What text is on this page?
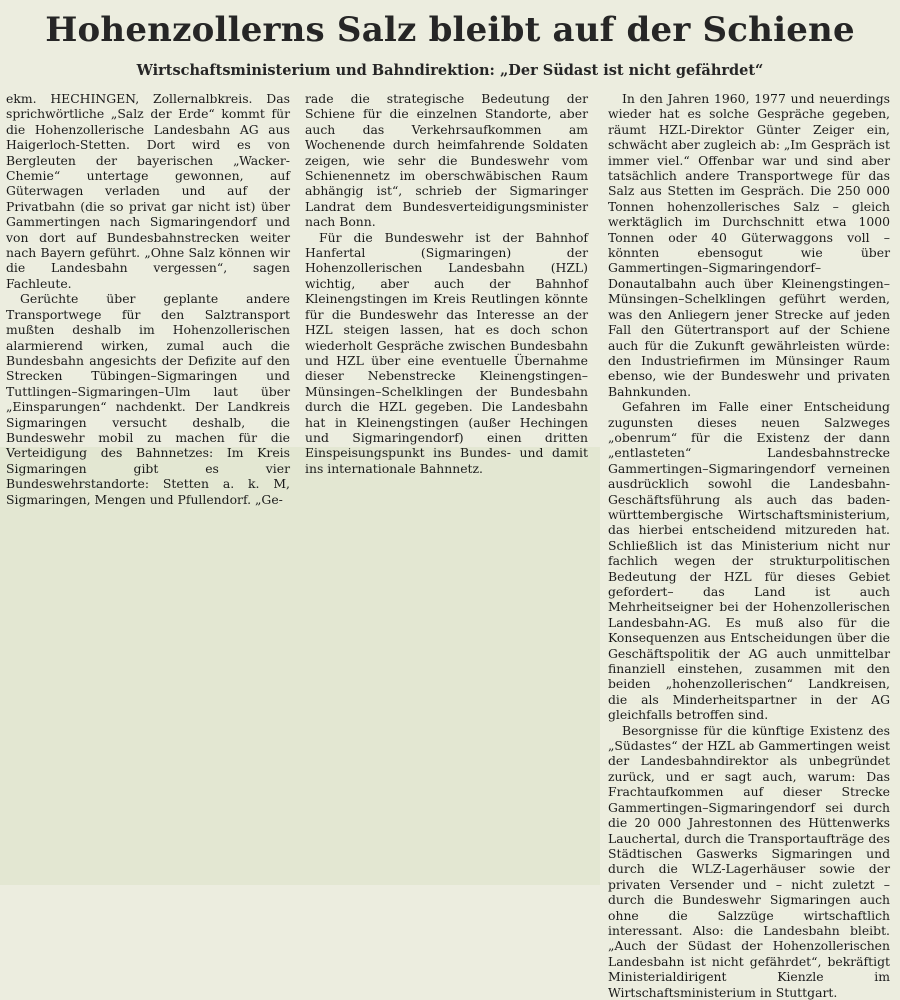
Hohenzollerns Salz bleibt auf der Schiene
Wirtschaftsministerium und Bahndirektion: „Der Südast ist nicht gefährdet“

ekm. HECHINGEN, Zollernalbkreis. Das sprichwörtliche „Salz der Erde“ kommt für die Hohenzollerische Landesbahn AG aus Haigerloch-Stetten. Dort wird es von Bergleuten der bayerischen „Wacker-Chemie“ untertage gewonnen, auf Güterwagen verladen und auf der Privatbahn (die so privat gar nicht ist) über Gammertingen nach Sigmaringendorf und von dort auf Bundesbahnstrecken weiter nach Bayern geführt. „Ohne Salz können wir die Landesbahn vergessen“, sagen Fachleute.

Gerüchte über geplante andere Transportwege für den Salztransport mußten deshalb im Hohenzollerischen alarmierend wirken, zumal auch die Bundesbahn angesichts der Defizite auf den Strecken Tübingen–Sigmaringen und Tuttlingen–Sigmaringen–Ulm laut über „Einsparungen“ nachdenkt. Der Landkreis Sigmaringen versucht deshalb, die Bundeswehr mobil zu machen für die Verteidigung des Bahnnetzes: Im Kreis Sigmaringen gibt es vier Bundeswehrstandorte: Stetten a. k. M, Sigmaringen, Mengen und Pfullendorf. „Ge-

rade die strategische Bedeutung der Schiene für die einzelnen Standorte, aber auch das Verkehrsaufkommen am Wochenende durch heimfahrende Soldaten zeigen, wie sehr die Bundeswehr vom Schienennetz im oberschwäbischen Raum abhängig ist“, schrieb der Sigmaringer Landrat dem Bundesverteidigungsminister nach Bonn.

Für die Bundeswehr ist der Bahnhof Hanfertal (Sigmaringen) der Hohenzollerischen Landesbahn (HZL) wichtig, aber auch der Bahnhof Kleinengstingen im Kreis Reutlingen könnte für die Bundeswehr das Interesse an der HZL steigen lassen, hat es doch schon wiederholt Gespräche zwischen Bundesbahn und HZL über eine eventuelle Übernahme dieser Nebenstrecke Kleinengstingen–Münsingen–Schelklingen der Bundesbahn durch die HZL gegeben. Die Landesbahn hat in Kleinengstingen (außer Hechingen und Sigmaringendorf) einen dritten Einspeisungspunkt ins Bundes- und damit ins internationale Bahnnetz.

In den Jahren 1960, 1977 und neuerdings wieder hat es solche Gespräche gegeben, räumt HZL-Direktor Günter Zeiger ein, schwächt aber zugleich ab: „Im Gespräch ist immer viel.“ Offenbar war und sind aber tatsächlich andere Transportwege für das Salz aus Stetten im Gespräch. Die 250 000 Tonnen hohenzollerisches Salz – gleich werktäglich im Durchschnitt etwa 1000 Tonnen oder 40 Güterwaggons voll – könnten ebensogut wie über Gammertingen–Sigmaringendorf–Donautalbahn auch über Kleinengstingen–Münsingen–Schelklingen geführt werden, was den Anliegern jener Strecke auf jeden Fall den Gütertransport auf der Schiene auch für die Zukunft gewährleisten würde: den Industriefirmen im Münsinger Raum ebenso, wie der Bundeswehr und privaten Bahnkunden.

Gefahren im Falle einer Entscheidung zugunsten dieses neuen Salzweges „obenrum“ für die Existenz der dann „entlasteten“ Landesbahnstrecke Gammertingen–Sigmaringendorf verneinen ausdrücklich sowohl die Landesbahn-Geschäftsführung als auch das baden-württembergische Wirtschaftsministerium, das hierbei entscheidend mitzureden hat. Schließlich ist das Ministerium nicht nur fachlich wegen der strukturpolitischen Bedeutung der HZL für dieses Gebiet gefordert– das Land ist auch Mehrheitseigner bei der Hohenzollerischen Landesbahn-AG. Es muß also für die Konsequenzen aus Entscheidungen über die Geschäftspolitik der AG auch unmittelbar finanziell einstehen, zusammen mit den beiden „hohenzollerischen“ Landkreisen, die als Minderheitspartner in der AG gleichfalls betroffen sind.

Besorgnisse für die künftige Existenz des „Südastes“ der HZL ab Gammertingen weist der Landesbahndirektor als unbegründet zurück, und er sagt auch, warum: Das Frachtaufkommen auf dieser Strecke Gammertingen–Sigmaringendorf sei durch die 20 000 Jahrestonnen des Hüttenwerks Lauchertal, durch die Transportaufträge des Städtischen Gaswerks Sigmaringen und durch die WLZ-Lagerhäuser sowie der privaten Versender und – nicht zuletzt – durch die Bundeswehr Sigmaringen auch ohne die Salzzüge wirtschaftlich interessant. Also: die Landesbahn bleibt. „Auch der Südast der Hohenzollerischen Landesbahn ist nicht gefährdet“, bekräftigt Ministerialdirigent Kienzle im Wirtschaftsministerium in Stuttgart.
